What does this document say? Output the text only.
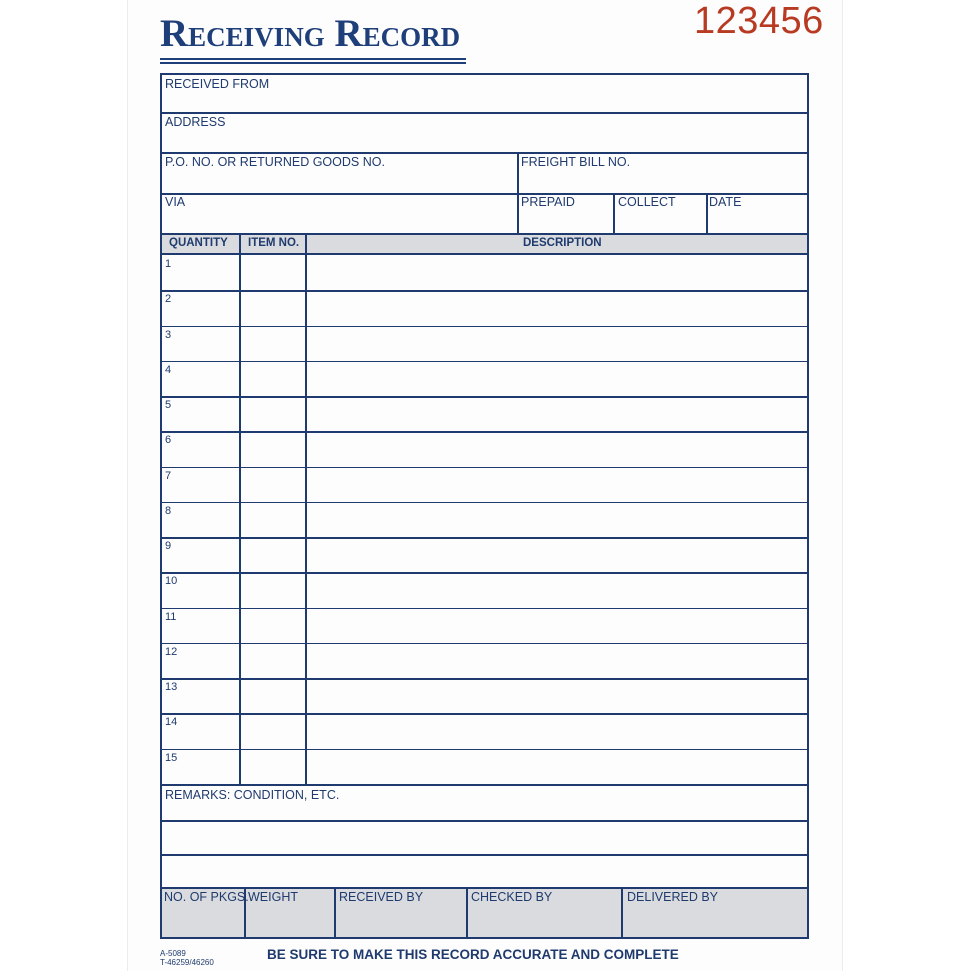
Receiving Record	123456
RECEIVED FROM
ADDRESS
P.O. NO. OR RETURNED GOODS NO.	FREIGHT BILL NO.
VIA	PREPAID	COLLECT	DATE
QUANTITY ITEM NO.	DESCRIPTION
1
2
3
4
5
6
7
8
9
10
11
12
13
14
15
REMARKS: CONDITION, ETC.
NO. OF PKGS. WEIGHT	RECEIVED BY	CHECKED BY	DELIVERED BY
A-5089
T-46259/46260
BE SURE TO MAKE THIS RECORD ACCURATE AND COMPLETE
